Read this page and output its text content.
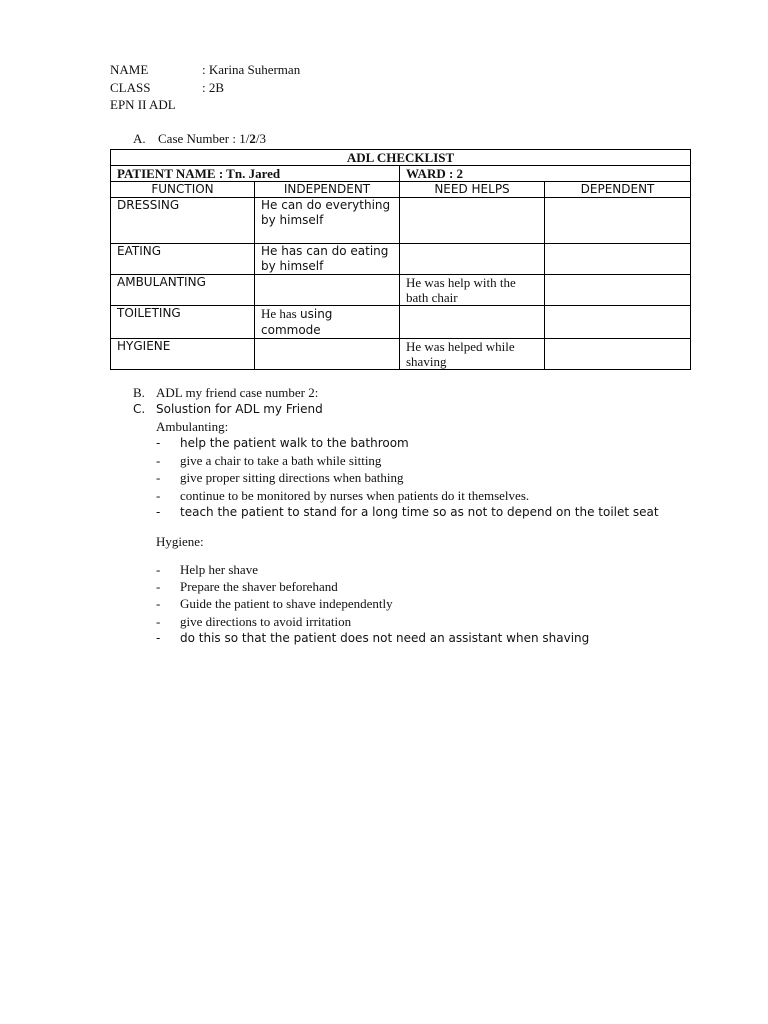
NAME	: Karina Suherman
CLASS	: 2B
EPN II ADL
A. Case Number : 1/2/3
ADL CHECKLIST			
PATIENT NAME : Tn. Jared		WARD : 2	
FUNCTION	INDEPENDENT	NEED HELPS	DEPENDENT
DRESSING	He can do everything by himself		
EATING	He has can do eating by himself		
AMBULANTING		He was help with the bath chair	
TOILETING	He has using commode		
HYGIENE		He was helped while shaving	
B. ADL my friend case number 2:
C. Solustion for ADL my Friend
Ambulanting:
- help the patient walk to the bathroom
- give a chair to take a bath while sitting
- give proper sitting directions when bathing
- continue to be monitored by nurses when patients do it themselves.
- teach the patient to stand for a long time so as not to depend on the toilet seat
Hygiene:
- Help her shave
- Prepare the shaver beforehand
- Guide the patient to shave independently
- give directions to avoid irritation
- do this so that the patient does not need an assistant when shaving
